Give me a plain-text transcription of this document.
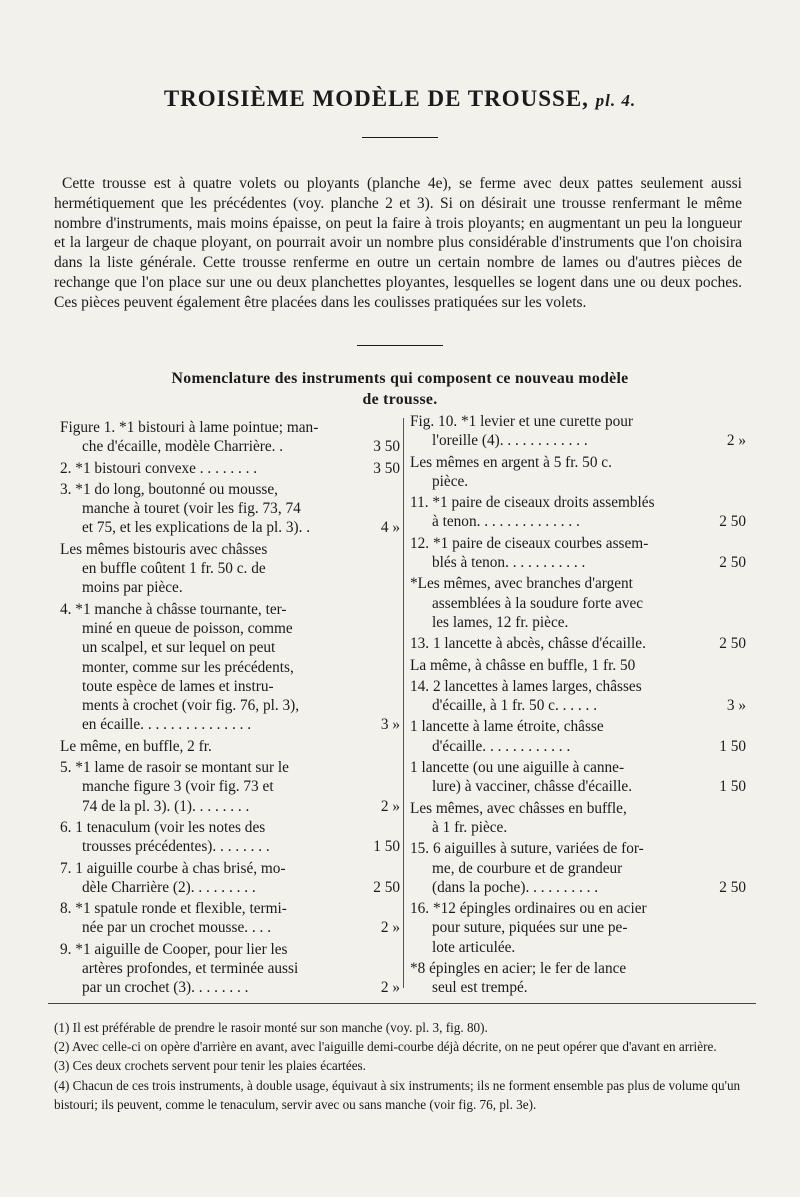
TROISIÈME MODÈLE DE TROUSSE, pl. 4.
Cette trousse est à quatre volets ou ployants (planche 4e), se ferme avec deux pattes seulement aussi hermétiquement que les précédentes (voy. planche 2 et 3). Si on désirait une trousse renfermant le même nombre d'instruments, mais moins épaisse, on peut la faire à trois ployants; en augmentant un peu la longueur et la largeur de chaque ployant, on pourrait avoir un nombre plus considérable d'instruments que l'on choisira dans la liste générale. Cette trousse renferme en outre un certain nombre de lames ou d'autres pièces de rechange que l'on place sur une ou deux planchettes ployantes, lesquelles se logent dans une ou deux poches. Ces pièces peuvent également être placées dans les coulisses pratiquées sur les volets.
Nomenclature des instruments qui composent ce nouveau modèle
de trousse.
Figure 1. *1 bistouri à lame pointue; man-
che d'écaille, modèle Charrière. .	3 50
2. *1 bistouri convexe . . . . . . . .	3 50
3. *1 do long, boutonné ou mousse,
manche à touret (voir les fig. 73, 74
et 75, et les explications de la pl. 3). .	4 »
Les mêmes bistouris avec châsses
en buffle coûtent 1 fr. 50 c. de
moins par pièce.
4. *1 manche à châsse tournante, ter-
miné en queue de poisson, comme
un scalpel, et sur lequel on peut
monter, comme sur les précédents,
toute espèce de lames et instru-
ments à crochet (voir fig. 76, pl. 3),
en écaille. . . . . . . . . . . . . . .	3 »
Le même, en buffle, 2 fr.
5. *1 lame de rasoir se montant sur le
manche figure 3 (voir fig. 73 et
74 de la pl. 3). (1). . . . . . . .	2 »
6. 1 tenaculum (voir les notes des
trousses précédentes). . . . . . . .	1 50
7. 1 aiguille courbe à chas brisé, mo-
dèle Charrière (2). . . . . . . . .	2 50
8. *1 spatule ronde et flexible, termi-
née par un crochet mousse. . . .	2 »
9. *1 aiguille de Cooper, pour lier les
artères profondes, et terminée aussi
par un crochet (3). . . . . . . .	2 »
Fig. 10. *1 levier et une curette pour
l'oreille (4). . . . . . . . . . . .	2 »
Les mêmes en argent à 5 fr. 50 c.
pièce.
11. *1 paire de ciseaux droits assemblés
à tenon. . . . . . . . . . . . . .	2 50
12. *1 paire de ciseaux courbes assem-
blés à tenon. . . . . . . . . . .	2 50
*Les mêmes, avec branches d'argent
assemblées à la soudure forte avec
les lames, 12 fr. pièce.
13. 1 lancette à abcès, châsse d'écaille.	2 50
La même, à châsse en buffle, 1 fr. 50
14. 2 lancettes à lames larges, châsses
d'écaille, à 1 fr. 50 c. . . . . .	3 »
1 lancette à lame étroite, châsse
d'écaille. . . . . . . . . . . .	1 50
1 lancette (ou une aiguille à canne-
lure) à vacciner, châsse d'écaille.	1 50
Les mêmes, avec châsses en buffle,
à 1 fr. pièce.
15. 6 aiguilles à suture, variées de for-
me, de courbure et de grandeur
(dans la poche). . . . . . . . . .	2 50
16. *12 épingles ordinaires ou en acier
pour suture, piquées sur une pe-
lote articulée.
*8 épingles en acier; le fer de lance
seul est trempé.

(1) Il est préférable de prendre le rasoir monté sur son manche (voy. pl. 3, fig. 80).

(2) Avec celle-ci on opère d'arrière en avant, avec l'aiguille demi-courbe déjà décrite, on ne peut opérer que d'avant en arrière.

(3) Ces deux crochets servent pour tenir les plaies écartées.

(4) Chacun de ces trois instruments, à double usage, équivaut à six instruments; ils ne forment ensemble pas plus de volume qu'un bistouri; ils peuvent, comme le tenaculum, servir avec ou sans manche (voir fig. 76, pl. 3e).
